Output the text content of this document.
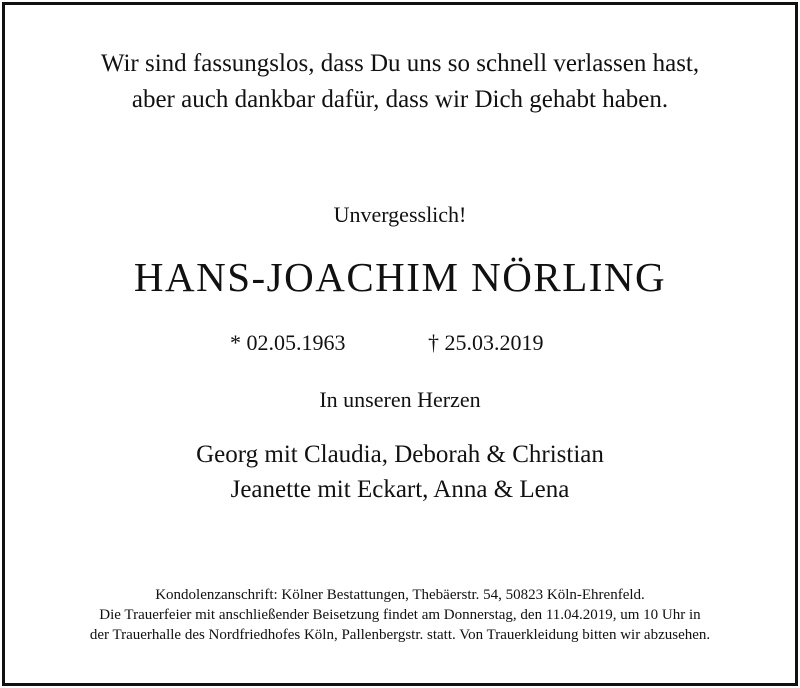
Wir sind fassungslos, dass Du uns so schnell verlassen hast,
aber auch dankbar dafür, dass wir Dich gehabt haben.
Unvergesslich!
HANS-JOACHIM NÖRLING
* 02.05.1963	† 25.03.2019
In unseren Herzen
Georg mit Claudia, Deborah & Christian
Jeanette mit Eckart, Anna & Lena
Kondolenzanschrift: Kölner Bestattungen, Thebäerstr. 54, 50823 Köln-Ehrenfeld.
Die Trauerfeier mit anschließender Beisetzung findet am Donnerstag, den 11.04.2019, um 10 Uhr in
der Trauerhalle des Nordfriedhofes Köln, Pallenbergstr. statt. Von Trauerkleidung bitten wir abzusehen.
